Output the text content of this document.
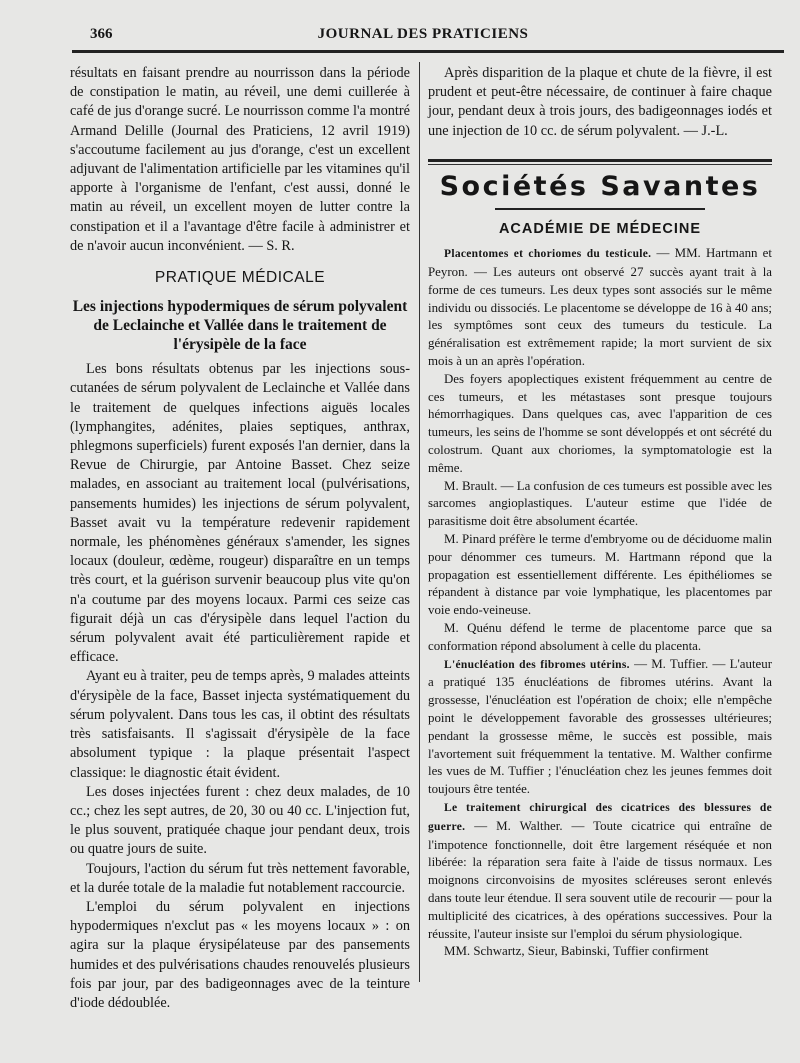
366	JOURNAL DES PRATICIENS

résultats en faisant prendre au nourrisson dans la période de constipation le matin, au réveil, une demi cuillerée à café de jus d'orange sucré. Le nourrisson comme l'a montré Armand Delille (Journal des Praticiens, 12 avril 1919) s'accoutume facilement au jus d'orange, c'est un excellent adjuvant de l'alimentation artificielle par les vitamines qu'il apporte à l'organisme de l'enfant, c'est aussi, donné le matin au réveil, un excellent moyen de lutter contre la constipation et il a l'avantage d'être facile à administrer et de n'avoir aucun inconvénient. — S. R.

PRATIQUE MÉDICALE
Les injections hypodermiques de sérum polyvalent de Leclainche et Vallée dans le traitement de l'érysipèle de la face

Les bons résultats obtenus par les injections sous-cutanées de sérum polyvalent de Leclainche et Vallée dans le traitement de quelques infections aiguës locales (lymphangites, adénites, plaies septiques, anthrax, phlegmons superficiels) furent exposés l'an dernier, dans la Revue de Chirurgie, par Antoine Basset. Chez seize malades, en associant au traitement local (pulvérisations, pansements humides) les injections de sérum polyvalent, Basset avait vu la température redevenir rapidement normale, les phénomènes généraux s'amender, les signes locaux (douleur, œdème, rougeur) disparaître en un temps très court, et la guérison survenir beaucoup plus vite qu'on n'a coutume par des moyens locaux. Parmi ces seize cas figurait déjà un cas d'érysipèle dans lequel l'action du sérum polyvalent avait été particulièrement rapide et efficace.

Ayant eu à traiter, peu de temps après, 9 malades atteints d'érysipèle de la face, Basset injecta systématiquement du sérum polyvalent. Dans tous les cas, il obtint des résultats très satisfaisants. Il s'agissait d'érysipèle de la face absolument typique : la plaque présentait l'aspect classique: le diagnostic était évident.

Les doses injectées furent : chez deux malades, de 10 cc.; chez les sept autres, de 20, 30 ou 40 cc. L'injection fut, le plus souvent, pratiquée chaque jour pendant deux, trois ou quatre jours de suite.

Toujours, l'action du sérum fut très nettement favorable, et la durée totale de la maladie fut notablement raccourcie.

L'emploi du sérum polyvalent en injections hypodermiques n'exclut pas « les moyens locaux » : on agira sur la plaque érysipélateuse par des pansements humides et des pulvérisations chaudes renouvelés plusieurs fois par jour, par des badigeonnages avec de la teinture d'iode dédoublée.

Après disparition de la plaque et chute de la fièvre, il est prudent et peut-être nécessaire, de continuer à faire chaque jour, pendant deux à trois jours, des badigeonnages iodés et une injection de 10 cc. de sérum polyvalent. — J.-L.

Sociétés Savantes
ACADÉMIE DE MÉDECINE

Placentomes et choriomes du testicule. — MM. Hartmann et Peyron. — Les auteurs ont observé 27 succès ayant trait à la forme de ces tumeurs. Les deux types sont associés sur le même individu ou dissociés. Le placentome se développe de 16 à 40 ans; les symptômes sont ceux des tumeurs du testicule. La généralisation est extrêmement rapide; la mort survient de six mois à un an après l'opération.

Des foyers apoplectiques existent fréquemment au centre de ces tumeurs, et les métastases sont presque toujours hémorrhagiques. Dans quelques cas, avec l'apparition de ces tumeurs, les seins de l'homme se sont développés et ont sécrété du colostrum. Quant aux choriomes, la symptomatologie est la même.

M. Brault. — La confusion de ces tumeurs est possible avec les sarcomes angioplastiques. L'auteur estime que l'idée de parasitisme doit être absolument écartée.

M. Pinard préfère le terme d'embryome ou de déciduome malin pour dénommer ces tumeurs. M. Hartmann répond que la propagation est essentiellement différente. Les épithéliomes se répandent à distance par voie lymphatique, les placentomes par voie endo-veineuse.

M. Quénu défend le terme de placentome parce que sa conformation répond absolument à celle du placenta.

L'énucléation des fibromes utérins. — M. Tuffier. — L'auteur a pratiqué 135 énucléations de fibromes utérins. Avant la grossesse, l'énucléation est l'opération de choix; elle n'empêche point le développement favorable des grossesses ultérieures; pendant la grossesse même, le succès est possible, mais l'avortement suit fréquemment la tentative. M. Walther confirme les vues de M. Tuffier ; l'énucléation chez les jeunes femmes doit toujours être tentée.

Le traitement chirurgical des cicatrices des blessures de guerre. — M. Walther. — Toute cicatrice qui entraîne de l'impotence fonctionnelle, doit être largement réséquée et non libérée: la réparation sera faite à l'aide de tissus normaux. Les moignons circonvoisins de myosites scléreuses seront enlevés dans toute leur étendue. Il sera souvent utile de recourir — pour la multiplicité des cicatrices, à des opérations successives. Pour la réussite, l'auteur insiste sur l'emploi du sérum physiologique.

MM. Schwartz, Sieur, Babinski, Tuffier confirment
